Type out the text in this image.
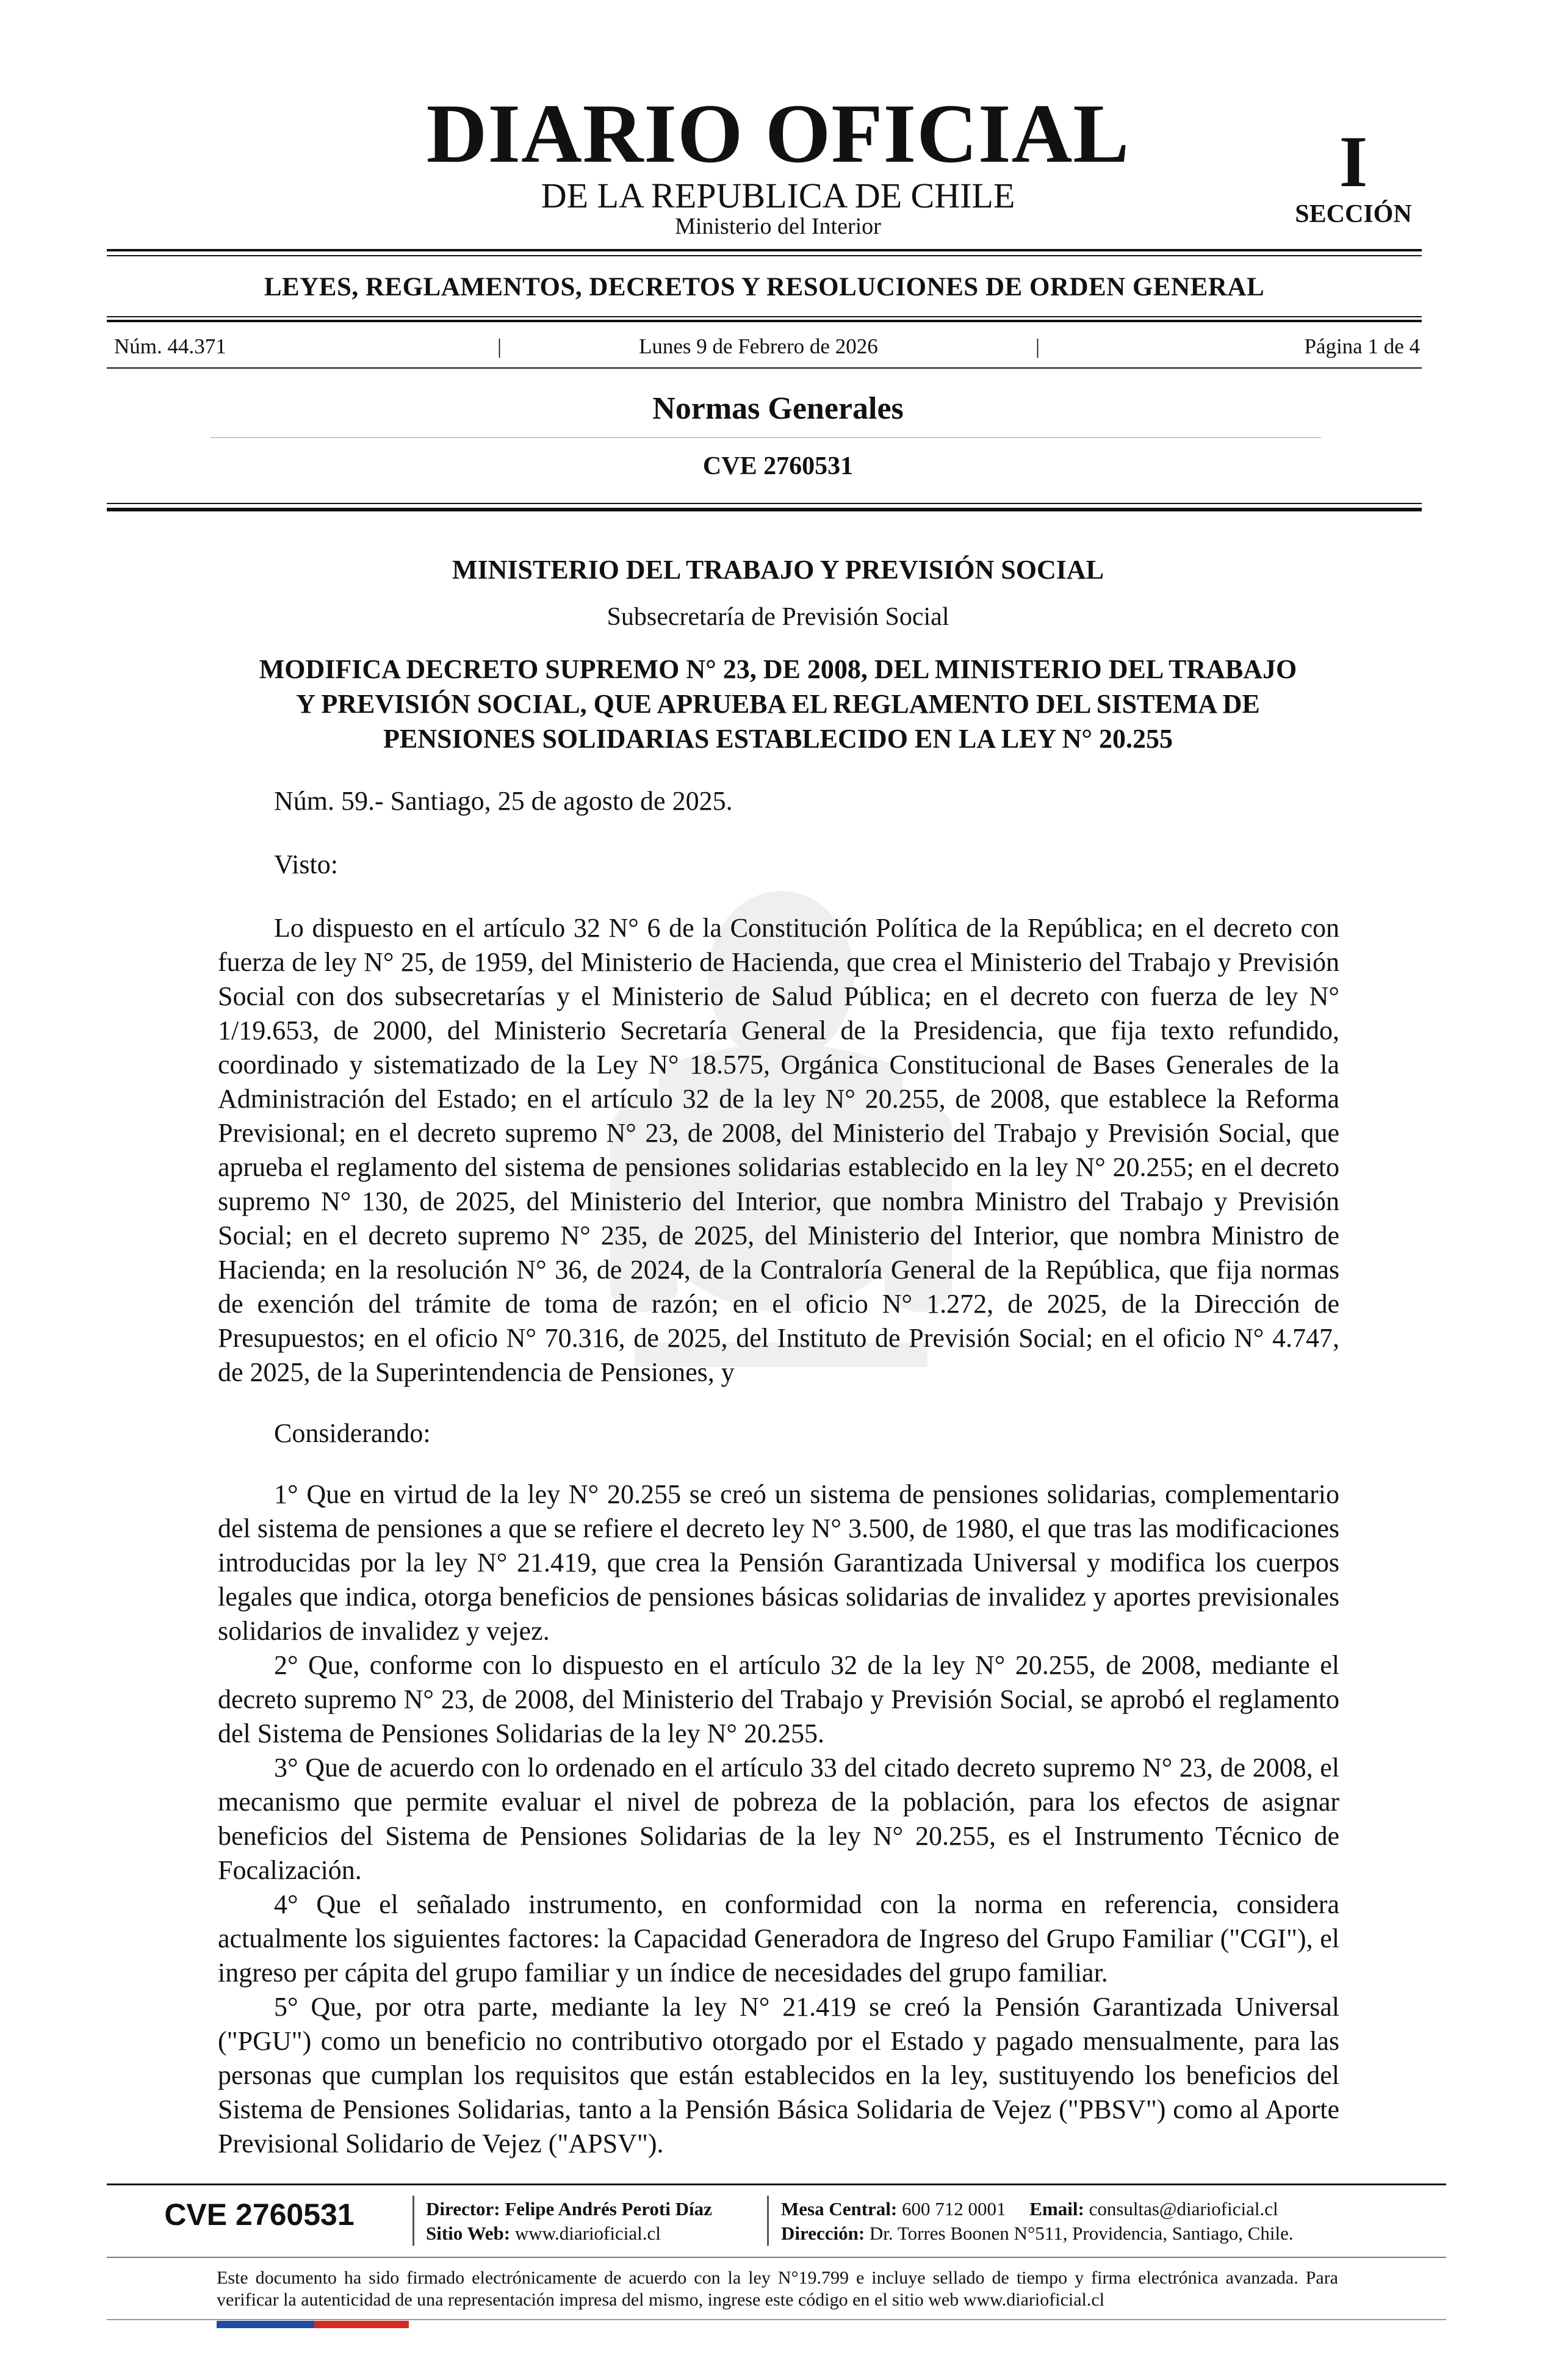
DIARIO OFICIAL
DE LA REPUBLICA DE CHILE
Ministerio del Interior
I
SECCIÓN
LEYES, REGLAMENTOS, DECRETOS Y RESOLUCIONES DE ORDEN GENERAL
Núm. 44.371	|	Lunes 9 de Febrero de 2026	|	Página 1 de 4
Normas Generales
CVE 2760531
MINISTERIO DEL TRABAJO Y PREVISIÓN SOCIAL
Subsecretaría de Previsión Social
MODIFICA DECRETO SUPREMO N° 23, DE 2008, DEL MINISTERIO DEL TRABAJO
Y PREVISIÓN SOCIAL, QUE APRUEBA EL REGLAMENTO DEL SISTEMA DE
PENSIONES SOLIDARIAS ESTABLECIDO EN LA LEY N° 20.255

Núm. 59.- Santiago, 25 de agosto de 2025.

Visto:

Lo dispuesto en el artículo 32 N° 6 de la Constitución Política de la República; en el decreto con fuerza de ley N° 25, de 1959, del Ministerio de Hacienda, que crea el Ministerio del Trabajo y Previsión Social con dos subsecretarías y el Ministerio de Salud Pública; en el decreto con fuerza de ley N° 1/19.653, de 2000, del Ministerio Secretaría General de la Presidencia, que fija texto refundido, coordinado y sistematizado de la Ley N° 18.575, Orgánica Constitucional de Bases Generales de la Administración del Estado; en el artículo 32 de la ley N° 20.255, de 2008, que establece la Reforma Previsional; en el decreto supremo N° 23, de 2008, del Ministerio del Trabajo y Previsión Social, que aprueba el reglamento del sistema de pensiones solidarias establecido en la ley N° 20.255; en el decreto supremo N° 130, de 2025, del Ministerio del Interior, que nombra Ministro del Trabajo y Previsión Social; en el decreto supremo N° 235, de 2025, del Ministerio del Interior, que nombra Ministro de Hacienda; en la resolución N° 36, de 2024, de la Contraloría General de la República, que fija normas de exención del trámite de toma de razón; en el oficio N° 1.272, de 2025, de la Dirección de Presupuestos; en el oficio N° 70.316, de 2025, del Instituto de Previsión Social; en el oficio N° 4.747, de 2025, de la Superintendencia de Pensiones, y

Considerando:

1° Que en virtud de la ley N° 20.255 se creó un sistema de pensiones solidarias, complementario del sistema de pensiones a que se refiere el decreto ley N° 3.500, de 1980, el que tras las modificaciones introducidas por la ley N° 21.419, que crea la Pensión Garantizada Universal y modifica los cuerpos legales que indica, otorga beneficios de pensiones básicas solidarias de invalidez y aportes previsionales solidarios de invalidez y vejez.

2° Que, conforme con lo dispuesto en el artículo 32 de la ley N° 20.255, de 2008, mediante el decreto supremo N° 23, de 2008, del Ministerio del Trabajo y Previsión Social, se aprobó el reglamento del Sistema de Pensiones Solidarias de la ley N° 20.255.

3° Que de acuerdo con lo ordenado en el artículo 33 del citado decreto supremo N° 23, de 2008, el mecanismo que permite evaluar el nivel de pobreza de la población, para los efectos de asignar beneficios del Sistema de Pensiones Solidarias de la ley N° 20.255, es el Instrumento Técnico de Focalización.

4° Que el señalado instrumento, en conformidad con la norma en referencia, considera actualmente los siguientes factores: la Capacidad Generadora de Ingreso del Grupo Familiar ("CGI"), el ingreso per cápita del grupo familiar y un índice de necesidades del grupo familiar.

5° Que, por otra parte, mediante la ley N° 21.419 se creó la Pensión Garantizada Universal ("PGU") como un beneficio no contributivo otorgado por el Estado y pagado mensualmente, para las personas que cumplan los requisitos que están establecidos en la ley, sustituyendo los beneficios del Sistema de Pensiones Solidarias, tanto a la Pensión Básica Solidaria de Vejez ("PBSV") como al Aporte Previsional Solidario de Vejez ("APSV").

CVE 2760531	Director: Felipe Andrés Peroti Díaz
Sitio Web: www.diarioficial.cl
Mesa Central: 600 712 0001 Email: consultas@diarioficial.cl
Dirección: Dr. Torres Boonen N°511, Providencia, Santiago, Chile.
Este documento ha sido firmado electrónicamente de acuerdo con la ley N°19.799 e incluye sellado de tiempo y firma electrónica avanzada. Para verificar la autenticidad de una representación impresa del mismo, ingrese este código en el sitio web www.diarioficial.cl
